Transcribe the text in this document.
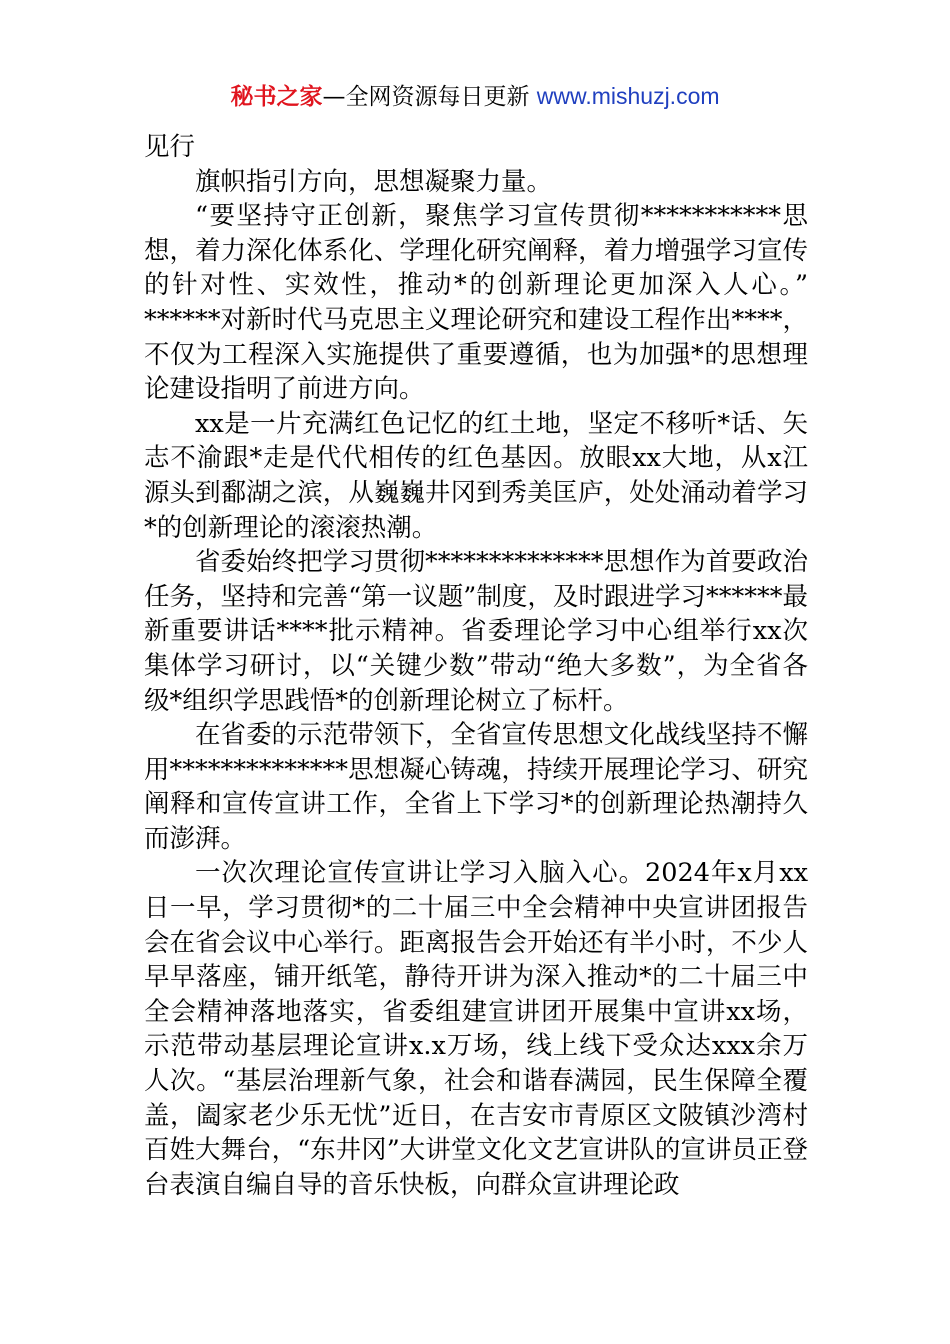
秘书之家—全网资源每日更新 www.mishuzj.com

见行

旗帜指引方向，思想凝聚力量。

“要坚持守正创新，聚焦学习宣传贯彻***********思想，着力深化体系化、学理化研究阐释，着力增强学习宣传的针对性、实效性，推动*的创新理论更加深入人心。” ******对新时代马克思主义理论研究和建设工程作出****，不仅为工程深入实施提供了重要遵循，也为加强*的思想理论建设指明了前进方向。

xx是一片充满红色记忆的红土地，坚定不移听*话、矢志不渝跟*走是代代相传的红色基因。放眼xx大地，从x江源头到鄱湖之滨，从巍巍井冈到秀美匡庐，处处涌动着学习*的创新理论的滚滚热潮。

省委始终把学习贯彻**************思想作为首要政治任务，坚持和完善“第一议题”制度，及时跟进学习******最新重要讲话****批示精神。省委理论学习中心组举行xx次集体学习研讨，以“关键少数”带动“绝大多数”，为全省各级*组织学思践悟*的创新理论树立了标杆。

在省委的示范带领下，全省宣传思想文化战线坚持不懈用**************思想凝心铸魂，持续开展理论学习、研究阐释和宣传宣讲工作，全省上下学习*的创新理论热潮持久而澎湃。

一次次理论宣传宣讲让学习入脑入心。2024年x月xx日一早，学习贯彻*的二十届三中全会精神中央宣讲团报告会在省会议中心举行。距离报告会开始还有半小时，不少人早早落座，铺开纸笔，静待开讲为深入推动*的二十届三中全会精神落地落实，省委组建宣讲团开展集中宣讲xx场，示范带动基层理论宣讲x.x万场，线上线下受众达xxx余万人次。“基层治理新气象，社会和谐春满园，民生保障全覆盖，阖家老少乐无忧”近日，在吉安市青原区文陂镇沙湾村百姓大舞台，“东井冈”大讲堂文化文艺宣讲队的宣讲员正登台表演自编自导的音乐快板，向群众宣讲理论政
